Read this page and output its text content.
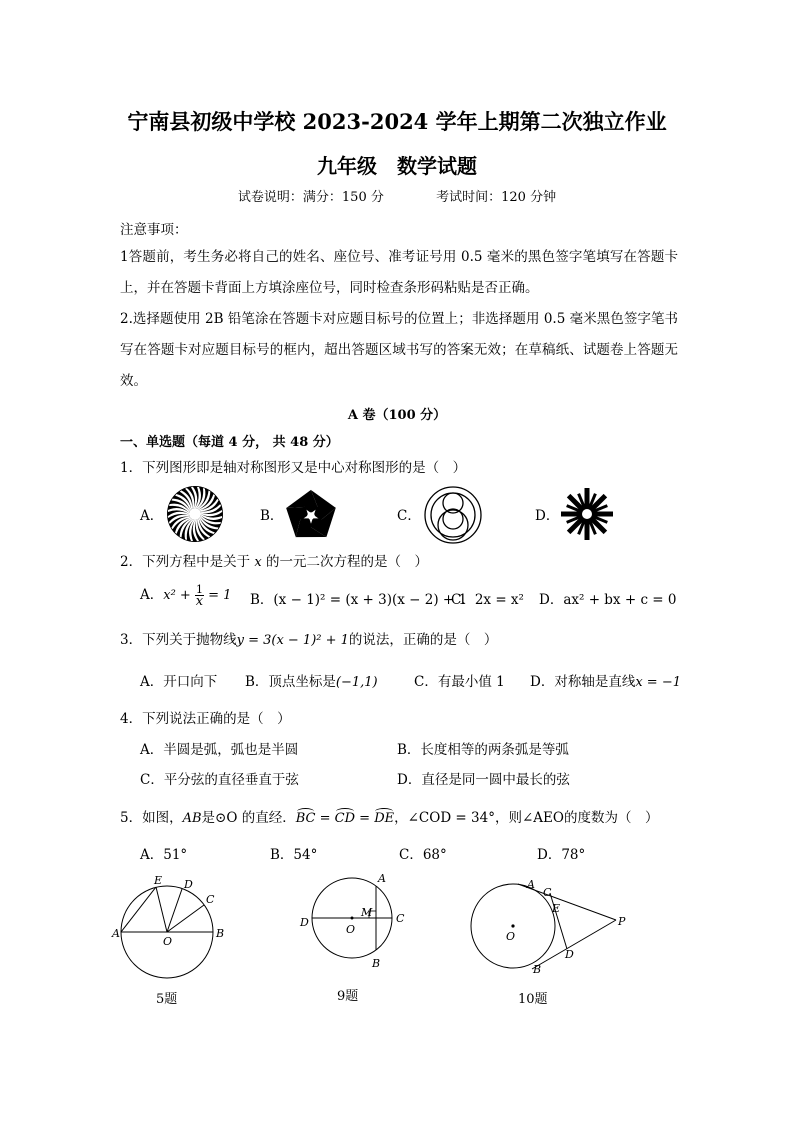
宁南县初级中学校 2023-2024 学年上期第二次独立作业
九年级　数学试题
试卷说明：满分：150 分	考试时间：120 分钟
注意事项：
1答题前，考生务必将自己的姓名、座位号、准考证号用 0.5 毫米的黑色签字笔填写在答题卡上，并在答题卡背面上方填涂座位号，同时检查条形码粘贴是否正确。
2.选择题使用 2B 铅笔涂在答题卡对应题目标号的位置上；非选择题用 0.5 毫米黑色签字笔书写在答题卡对应题目标号的框内，超出答题区域书写的答案无效；在草稿纸、试题卷上答题无效。
A 卷（100 分）
一、单选题（每道 4 分， 共 48 分）
1．下列图形即是轴对称图形又是中心对称图形的是（　）
A．	B．	C．	D．
2．下列方程中是关于 x 的一元二次方程的是（　）
A．$x^2 + \frac{1}{x} = 1$ B．(x − 1)² = (x + 3)(x − 2) + 1
C．2x = x² D．ax² + bx + c = 0
3．下列关于抛物线y = 3(x − 1)² + 1的说法，正确的是（　）
A．开口向下 B．顶点坐标是(−1,1)	C．有最小值 1 D．对称轴是直线x = −1
4．下列说法正确的是（　）
A．半圆是弧，弧也是半圆	B．长度相等的两条弧是等弧
C．平分弦的直径垂直于弦	D．直径是同一圆中最长的弦
5．如图，AB是⊙O 的直经．BC = CD = DE，∠COD = 34°，则∠AEO的度数为（　）
A．51°	B．54°	C．68°	D．78°
A	B
C
D
E
O
5题
A
B
C
D
M
O
9题
A
B
C
D
E
O
P
10题
